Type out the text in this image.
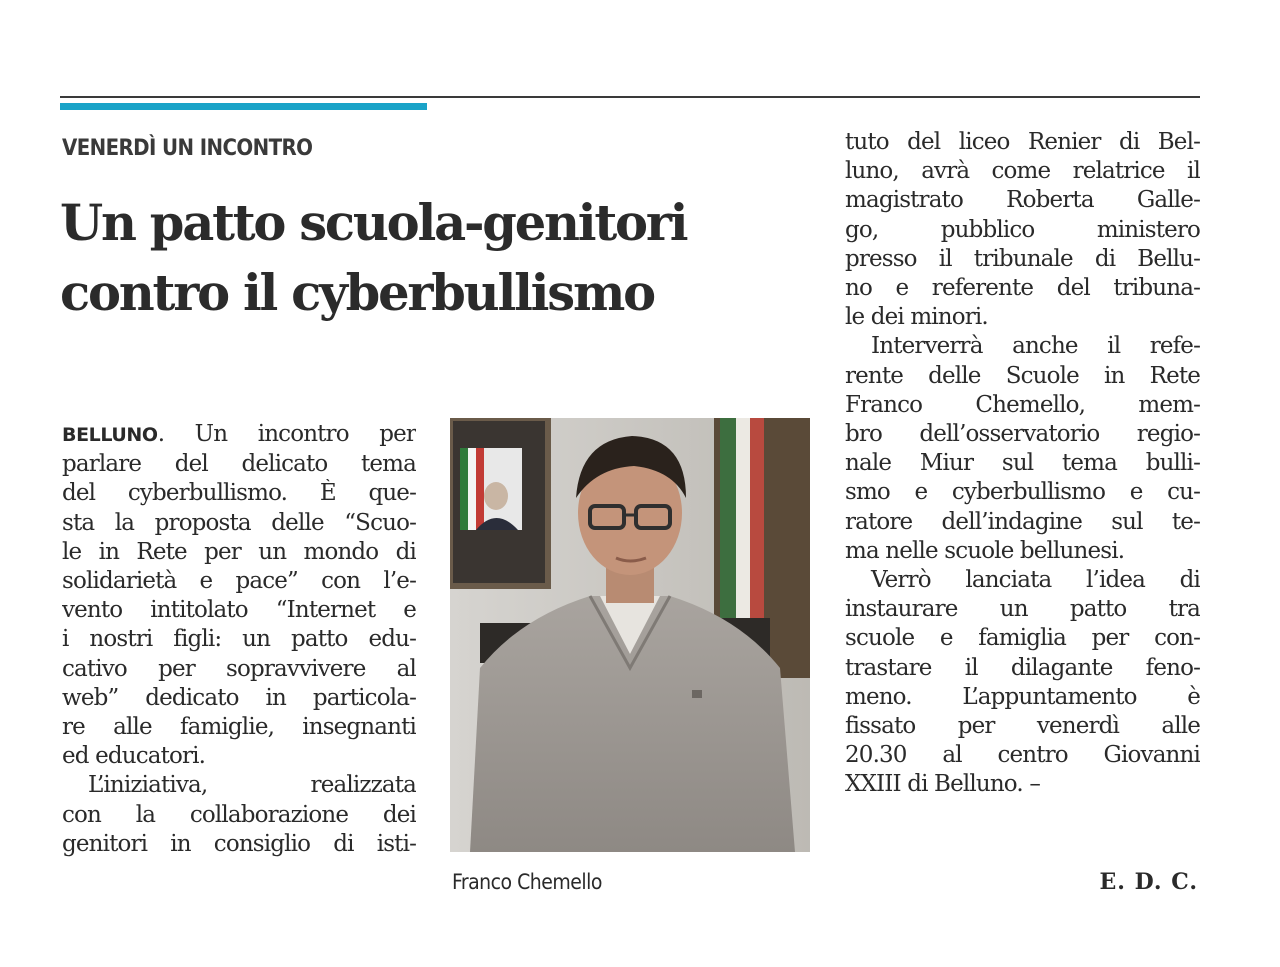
VENERDÌ UN INCONTRO
Un patto scuola-genitori
contro il cyberbullismo
BELLUNO. Un incontro per
parlare del delicato tema
del cyberbullismo. È que-
sta la proposta delle “Scuo-
le in Rete per un mondo di
solidarietà e pace” con l’e-
vento intitolato “Internet e
i nostri figli: un patto edu-
cativo per sopravvivere al
web” dedicato in particola-
re alle famiglie, insegnanti
ed educatori.
L’iniziativa, realizzata
con la collaborazione dei
genitori in consiglio di isti-
Franco Chemello
tuto del liceo Renier di Bel-
luno, avrà come relatrice il
magistrato Roberta Galle-
go, pubblico ministero
presso il tribunale di Bellu-
no e referente del tribuna-
le dei minori.
Interverrà anche il refe-
rente delle Scuole in Rete
Franco Chemello, mem-
bro dell’osservatorio regio-
nale Miur sul tema bulli-
smo e cyberbullismo e cu-
ratore dell’indagine sul te-
ma nelle scuole bellunesi.
Verrò lanciata l’idea di
instaurare un patto tra
scuole e famiglia per con-
trastare il dilagante feno-
meno. L’appuntamento è
fissato per venerdì alle
20.30 al centro Giovanni
XXIII di Belluno. –
E. D. C.
